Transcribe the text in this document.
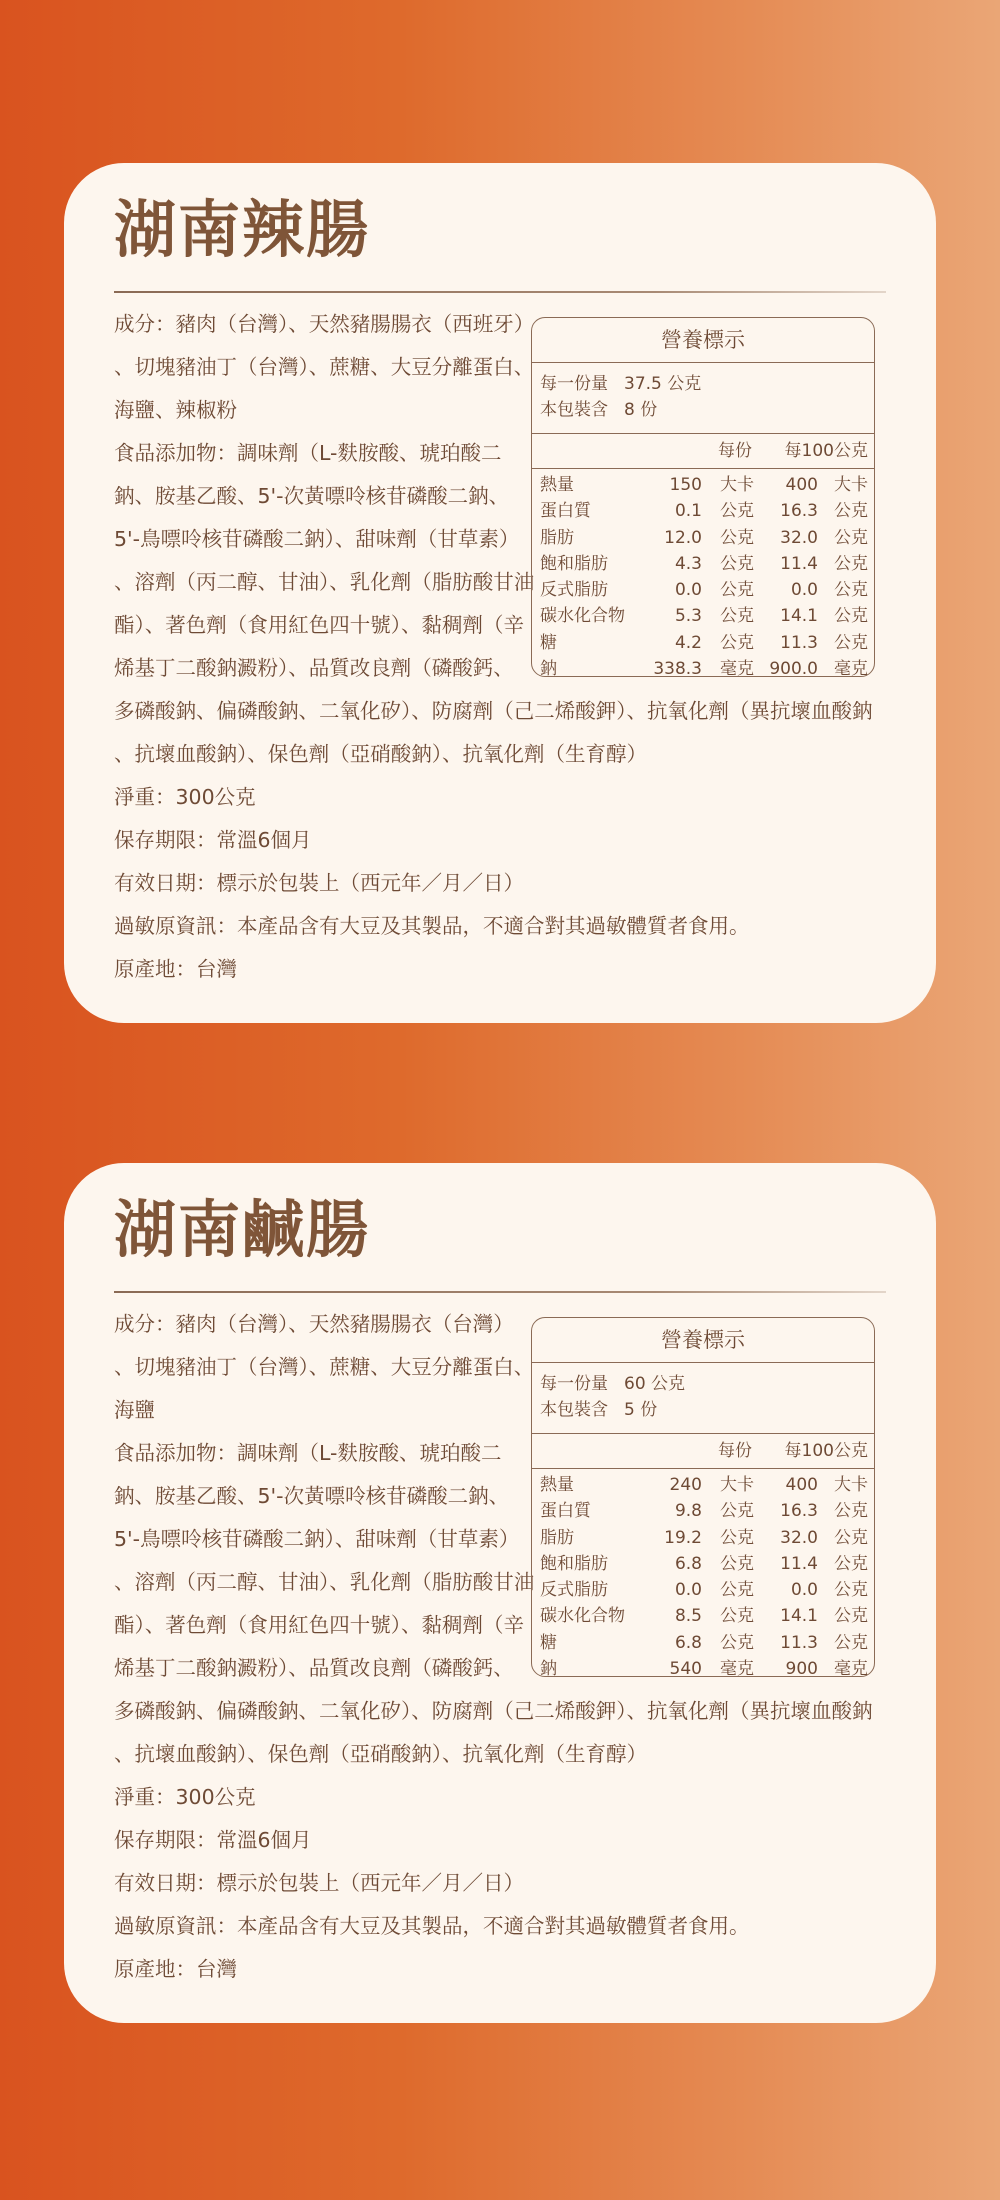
湖南辣腸
成分：豬肉（台灣）、天然豬腸腸衣（西班牙）
、切塊豬油丁（台灣）、蔗糖、大豆分離蛋白、
海鹽、辣椒粉
食品添加物：調味劑（L-麩胺酸、琥珀酸二
鈉、胺基乙酸、5'-次黃嘌呤核苷磷酸二鈉、
5'-鳥嘌呤核苷磷酸二鈉）、甜味劑（甘草素）
、溶劑（丙二醇、甘油）、乳化劑（脂肪酸甘油
酯）、著色劑（食用紅色四十號）、黏稠劑（辛
烯基丁二酸鈉澱粉）、品質改良劑（磷酸鈣、
多磷酸鈉、偏磷酸鈉、二氧化矽）、防腐劑（己二烯酸鉀）、抗氧化劑（異抗壞血酸鈉
、抗壞血酸鈉）、保色劑（亞硝酸鈉）、抗氧化劑（生育醇）
淨重：300公克
保存期限：常溫6個月
有效日期：標示於包裝上（西元年／月／日）
過敏原資訊：本產品含有大豆及其製品，不適合對其過敏體質者食用。
原產地：台灣
營養標示
每一份量 37.5 公克
本包裝含 8 份
每份 每100公克
熱量	150 大卡 400 大卡
蛋白質	0.1 公克 16.3 公克
脂肪	12.0 公克 32.0 公克
飽和脂肪	4.3 公克 11.4 公克
反式脂肪	0.0 公克 0.0 公克
碳水化合物	5.3 公克 14.1 公克
糖	4.2 公克 11.3 公克
鈉	338.3 毫克 900.0 毫克
湖南鹹腸
成分：豬肉（台灣）、天然豬腸腸衣（台灣）
、切塊豬油丁（台灣）、蔗糖、大豆分離蛋白、
海鹽
食品添加物：調味劑（L-麩胺酸、琥珀酸二
鈉、胺基乙酸、5'-次黃嘌呤核苷磷酸二鈉、
5'-鳥嘌呤核苷磷酸二鈉）、甜味劑（甘草素）
、溶劑（丙二醇、甘油）、乳化劑（脂肪酸甘油
酯）、著色劑（食用紅色四十號）、黏稠劑（辛
烯基丁二酸鈉澱粉）、品質改良劑（磷酸鈣、
多磷酸鈉、偏磷酸鈉、二氧化矽）、防腐劑（己二烯酸鉀）、抗氧化劑（異抗壞血酸鈉
、抗壞血酸鈉）、保色劑（亞硝酸鈉）、抗氧化劑（生育醇）
淨重：300公克
保存期限：常溫6個月
有效日期：標示於包裝上（西元年／月／日）
過敏原資訊：本產品含有大豆及其製品，不適合對其過敏體質者食用。
原產地：台灣
營養標示
每一份量 60 公克
本包裝含 5 份
每份 每100公克
熱量	240 大卡 400 大卡
蛋白質	9.8 公克 16.3 公克
脂肪	19.2 公克 32.0 公克
飽和脂肪	6.8 公克 11.4 公克
反式脂肪	0.0 公克 0.0 公克
碳水化合物	8.5 公克 14.1 公克
糖	6.8 公克 11.3 公克
鈉	540 毫克 900 毫克
